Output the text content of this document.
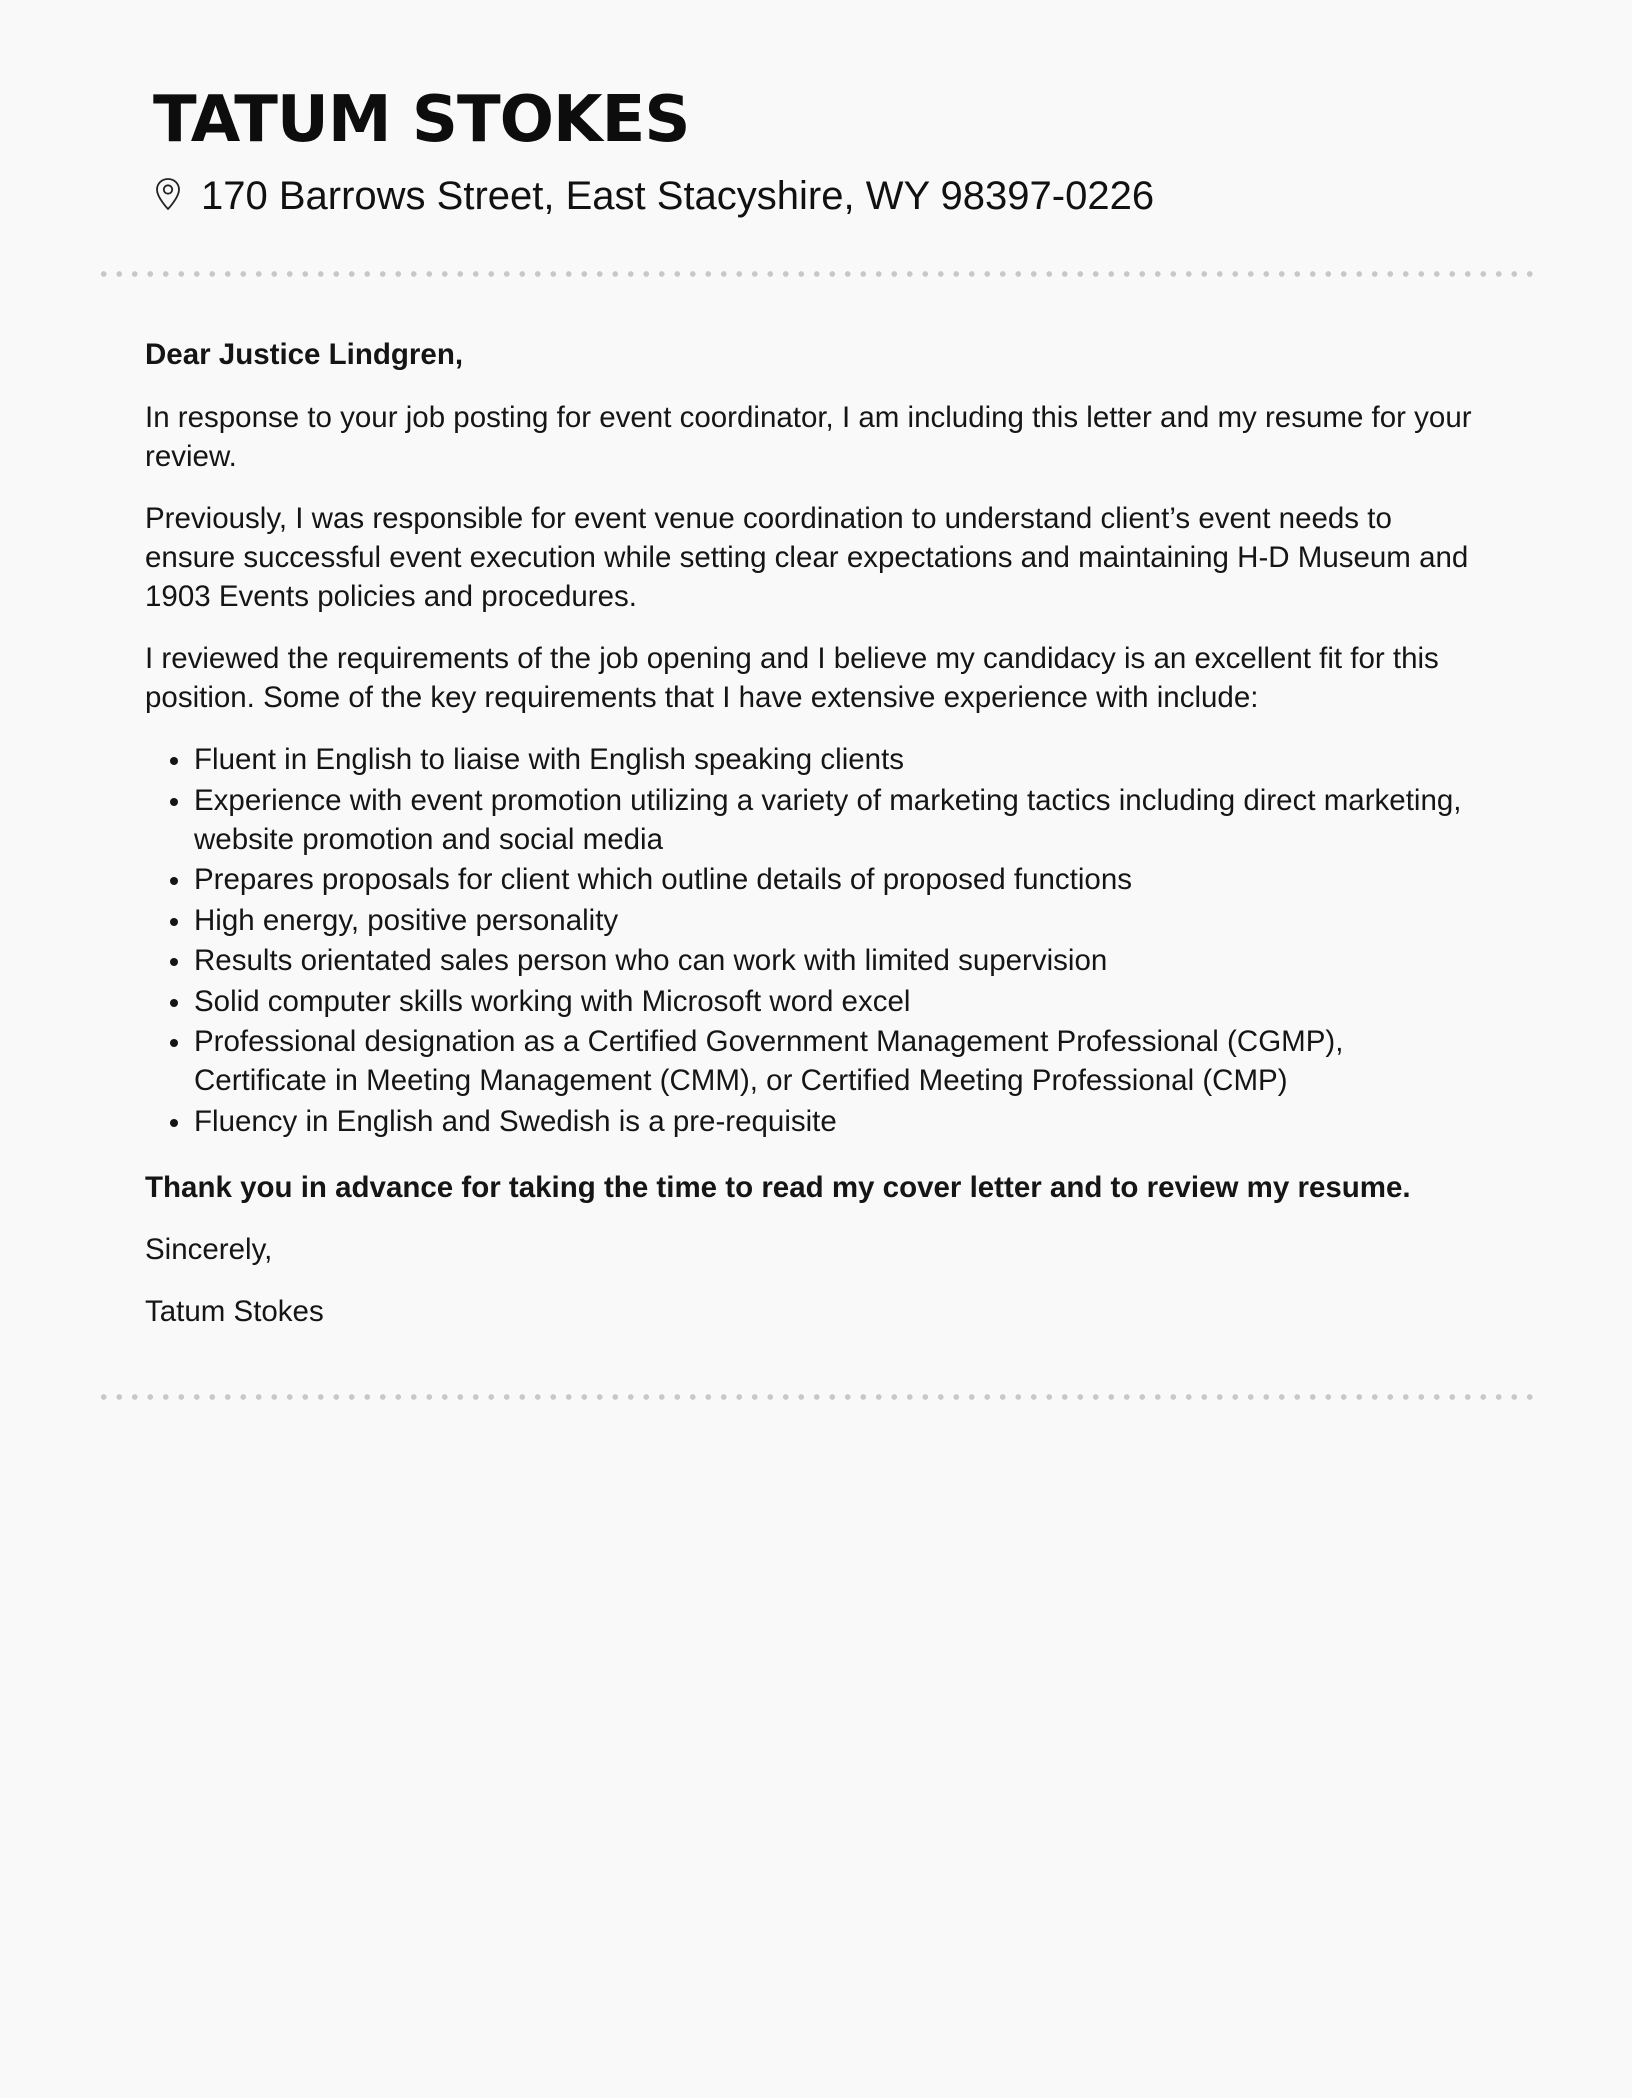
TATUM STOKES
170 Barrows Street, East Stacyshire, WY 98397-0226

Dear Justice Lindgren,

In response to your job posting for event coordinator, I am including this letter and my resume for your review.

Previously, I was responsible for event venue coordination to understand client’s event needs to ensure successful event execution while setting clear expectations and maintaining H-D Museum and 1903 Events policies and procedures.

I reviewed the requirements of the job opening and I believe my candidacy is an excellent fit for this position. Some of the key requirements that I have extensive experience with include:

Fluent in English to liaise with English speaking clients
Experience with event promotion utilizing a variety of marketing tactics including direct marketing, website promotion and social media
Prepares proposals for client which outline details of proposed functions
High energy, positive personality
Results orientated sales person who can work with limited supervision
Solid computer skills working with Microsoft word excel
Professional designation as a Certified Government Management Professional (CGMP), Certificate in Meeting Management (CMM), or Certified Meeting Professional (CMP)
Fluency in English and Swedish is a pre-requisite

Thank you in advance for taking the time to read my cover letter and to review my resume.

Sincerely,

Tatum Stokes
